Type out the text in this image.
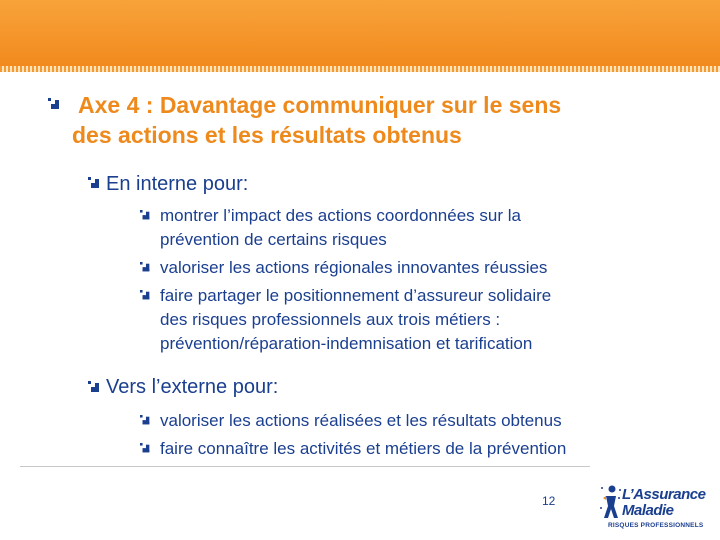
Axe 4 : Davantage communiquer sur le sens
des actions et les résultats obtenus
En interne pour:
montrer l’impact des actions coordonnées sur la
prévention de certains risques
valoriser les actions régionales innovantes réussies
faire partager le positionnement d’assureur solidaire
des risques professionnels aux trois métiers :
prévention/réparation-indemnisation et tarification
Vers l’externe pour:
valoriser les actions réalisées et les résultats obtenus
faire connaître les activités et métiers de la prévention
12	L’Assurance
Maladie
RISQUES PROFESSIONNELS
